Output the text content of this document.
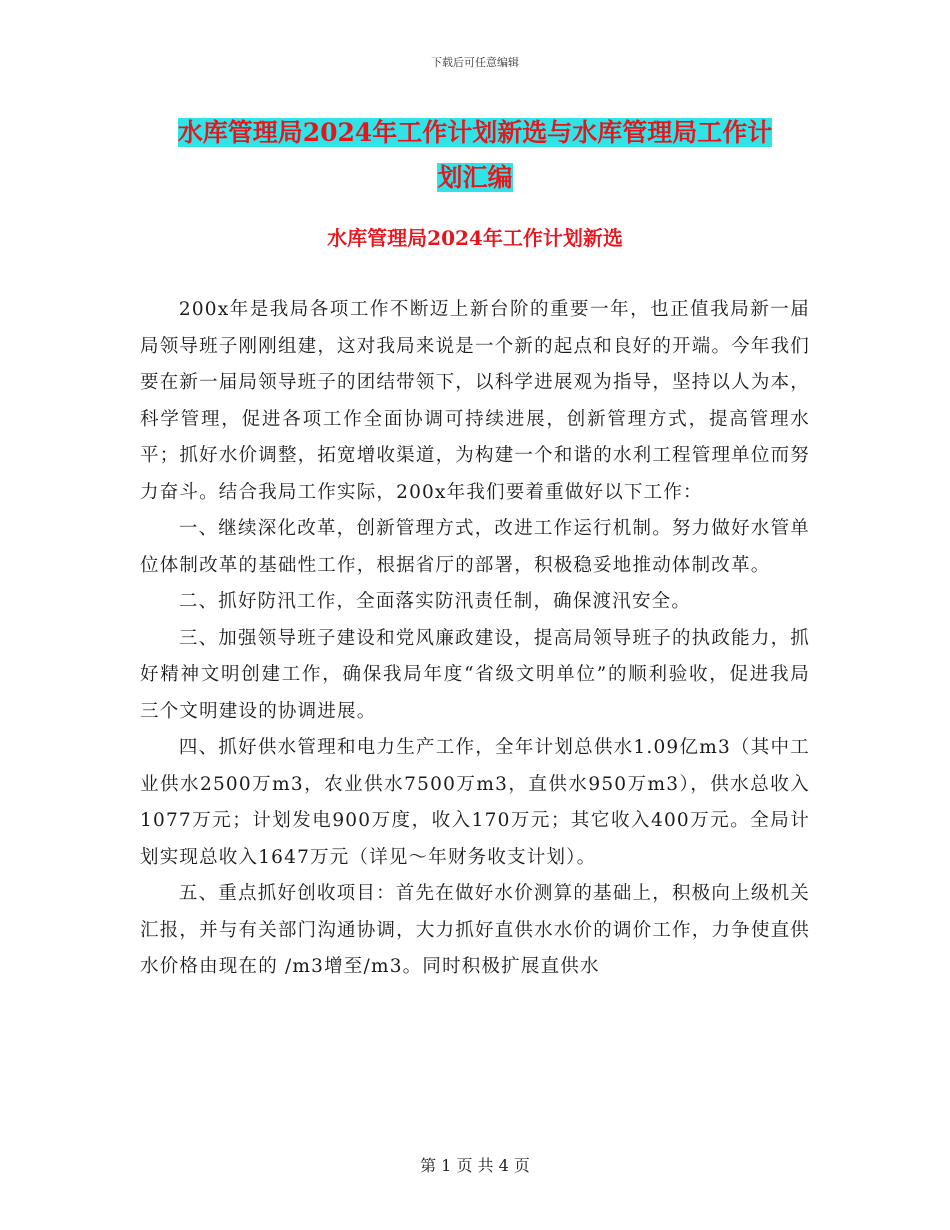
下载后可任意编辑
水库管理局2024年工作计划新选与水库管理局工作计
划汇编
水库管理局2024年工作计划新选

200x年是我局各项工作不断迈上新台阶的重要一年，也正值我局新一届局领导班子刚刚组建，这对我局来说是一个新的起点和良好的开端。今年我们要在新一届局领导班子的团结带领下，以科学进展观为指导，坚持以人为本，科学管理，促进各项工作全面协调可持续进展，创新管理方式，提高管理水平；抓好水价调整，拓宽增收渠道，为构建一个和谐的水利工程管理单位而努力奋斗。结合我局工作实际，200x年我们要着重做好以下工作：

一、继续深化改革，创新管理方式，改进工作运行机制。努力做好水管单位体制改革的基础性工作，根据省厅的部署，积极稳妥地推动体制改革。

二、抓好防汛工作，全面落实防汛责任制，确保渡汛安全。

三、加强领导班子建设和党风廉政建设，提高局领导班子的执政能力，抓好精神文明创建工作，确保我局年度“省级文明单位”的顺利验收，促进我局三个文明建设的协调进展。

四、抓好供水管理和电力生产工作，全年计划总供水1.09亿m3（其中工业供水2500万m3，农业供水7500万m3，直供水950万m3），供水总收入1077万元；计划发电900万度，收入170万元；其它收入400万元。全局计划实现总收入1647万元（详见～年财务收支计划）。

五、重点抓好创收项目：首先在做好水价测算的基础上，积极向上级机关汇报，并与有关部门沟通协调，大力抓好直供水水价的调价工作，力争使直供水价格由现在的 /m3增至/m3。同时积极扩展直供水

第 1 页 共 4 页
